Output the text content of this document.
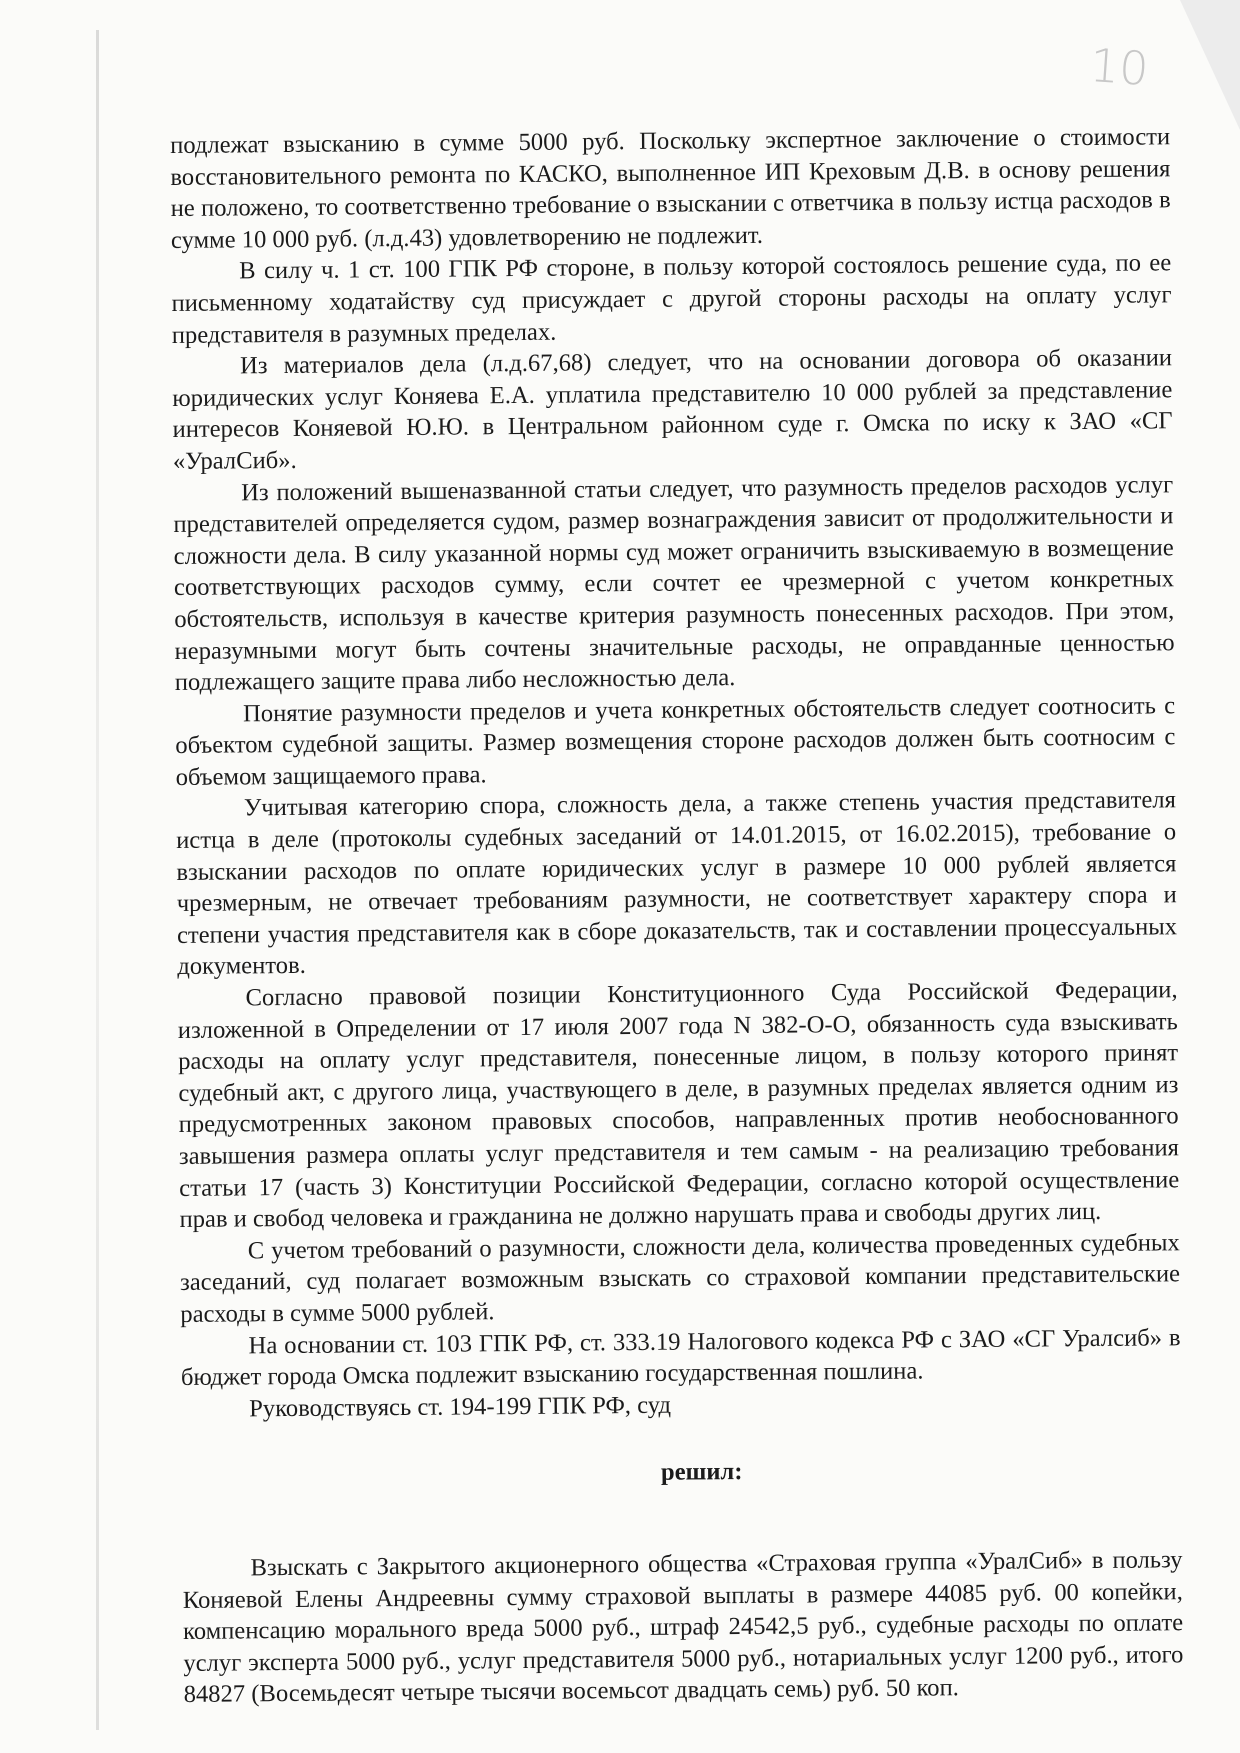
10

подлежат взысканию в сумме 5000 руб. Поскольку экспертное заключение о стоимости восстановительного ремонта по КАСКО, выполненное ИП Креховым Д.В. в основу решения не положено, то соответственно требование о взыскании с ответчика в пользу истца расходов в сумме 10 000 руб. (л.д.43) удовлетворению не подлежит.

В силу ч. 1 ст. 100 ГПК РФ стороне, в пользу которой состоялось решение суда, по ее письменному ходатайству суд присуждает с другой стороны расходы на оплату услуг представителя в разумных пределах.

Из материалов дела (л.д.67,68) следует, что на основании договора об оказании юридических услуг Коняева Е.А. уплатила представителю 10 000 рублей за представление интересов Коняевой Ю.Ю. в Центральном районном суде г. Омска по иску к ЗАО «СГ «УралСиб».

Из положений вышеназванной статьи следует, что разумность пределов расходов услуг представителей определяется судом, размер вознаграждения зависит от продолжительности и сложности дела. В силу указанной нормы суд может ограничить взыскиваемую в возмещение соответствующих расходов сумму, если сочтет ее чрезмерной с учетом конкретных обстоятельств, используя в качестве критерия разумность понесенных расходов. При этом, неразумными могут быть сочтены значительные расходы, не оправданные ценностью подлежащего защите права либо несложностью дела.

Понятие разумности пределов и учета конкретных обстоятельств следует соотносить с объектом судебной защиты. Размер возмещения стороне расходов должен быть соотносим с объемом защищаемого права.

Учитывая категорию спора, сложность дела, а также степень участия представителя истца в деле (протоколы судебных заседаний от 14.01.2015, от 16.02.2015), требование о взыскании расходов по оплате юридических услуг в размере 10 000 рублей является чрезмерным, не отвечает требованиям разумности, не соответствует характеру спора и степени участия представителя как в сборе доказательств, так и составлении процессуальных документов.

Согласно правовой позиции Конституционного Суда Российской Федерации, изложенной в Определении от 17 июля 2007 года N 382-О-О, обязанность суда взыскивать расходы на оплату услуг представителя, понесенные лицом, в пользу которого принят судебный акт, с другого лица, участвующего в деле, в разумных пределах является одним из предусмотренных законом правовых способов, направленных против необоснованного завышения размера оплаты услуг представителя и тем самым - на реализацию требования статьи 17 (часть 3) Конституции Российской Федерации, согласно которой осуществление прав и свобод человека и гражданина не должно нарушать права и свободы других лиц.

С учетом требований о разумности, сложности дела, количества проведенных судебных заседаний, суд полагает возможным взыскать со страховой компании представительские расходы в сумме 5000 рублей.

На основании ст. 103 ГПК РФ, ст. 333.19 Налогового кодекса РФ с ЗАО «СГ Уралсиб» в бюджет города Омска подлежит взысканию государственная пошлина.

Руководствуясь ст. 194-199 ГПК РФ, суд

решил:

Взыскать с Закрытого акционерного общества «Страховая группа «УралСиб» в пользу Коняевой Елены Андреевны сумму страховой выплаты в размере 44085 руб. 00 копейки, компенсацию морального вреда 5000 руб., штраф 24542,5 руб., судебные расходы по оплате услуг эксперта 5000 руб., услуг представителя 5000 руб., нотариальных услуг 1200 руб., итого 84827 (Восемьдесят четыре тысячи восемьсот двадцать семь) руб. 50 коп.
